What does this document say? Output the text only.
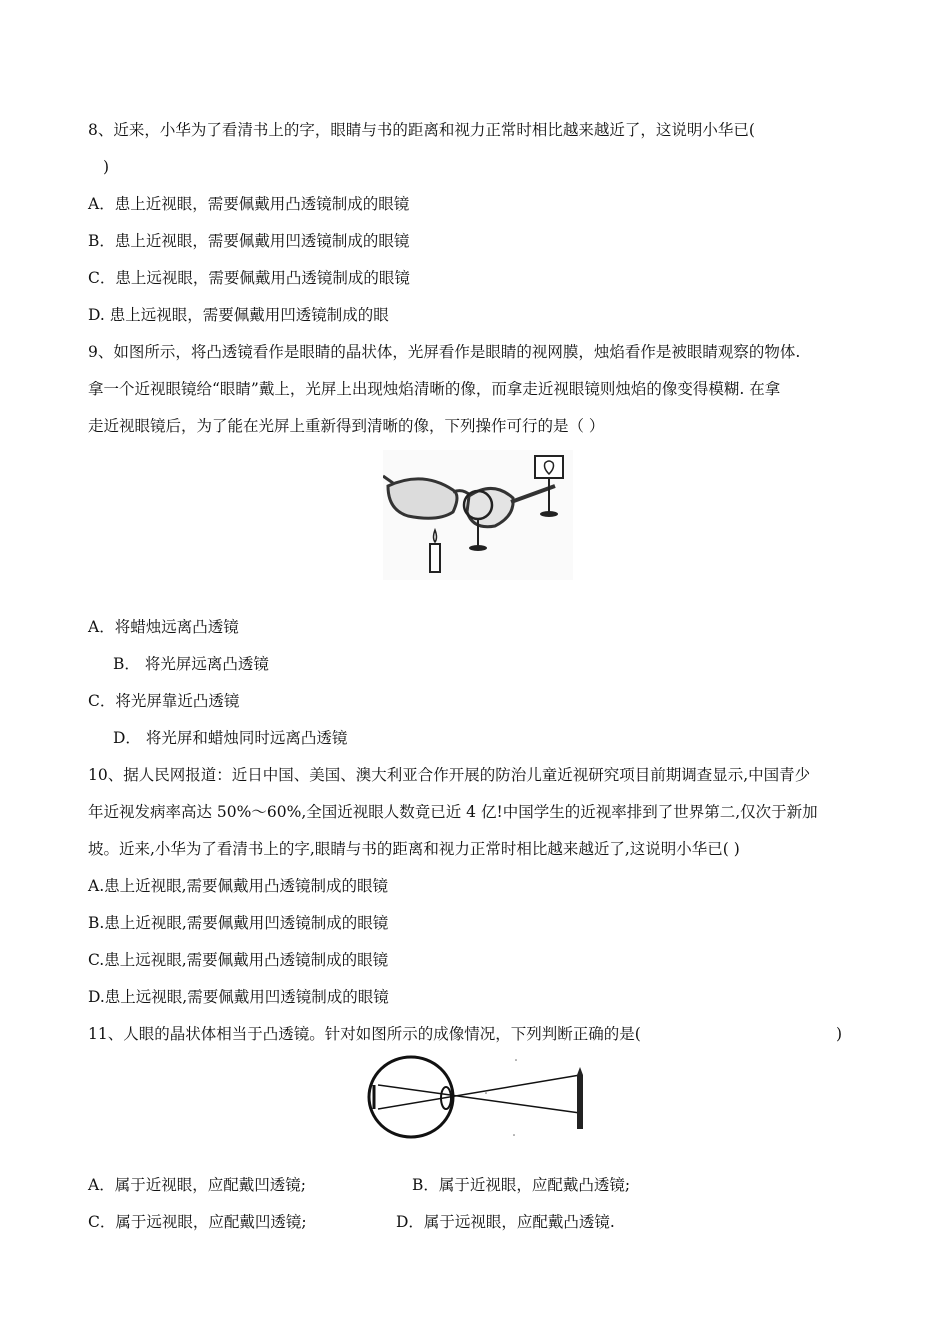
8、近来，小华为了看清书上的字，眼睛与书的距离和视力正常时相比越来越近了，这说明小华已(
)
A．患上近视眼，需要佩戴用凸透镜制成的眼镜
B．患上近视眼，需要佩戴用凹透镜制成的眼镜
C．患上远视眼，需要佩戴用凸透镜制成的眼镜
D. 患上远视眼，需要佩戴用凹透镜制成的眼
9、如图所示，将凸透镜看作是眼睛的晶状体，光屏看作是眼睛的视网膜，烛焰看作是被眼睛观察的物体.
拿一个近视眼镜给“眼睛”戴上，光屏上出现烛焰清晰的像，而拿走近视眼镜则烛焰的像变得模糊. 在拿
走近视眼镜后，为了能在光屏上重新得到清晰的像，下列操作可行的是（ ）
A．将蜡烛远离凸透镜
B． 将光屏远离凸透镜
C．将光屏靠近凸透镜
D． 将光屏和蜡烛同时远离凸透镜
10、据人民网报道：近日中国、美国、澳大利亚合作开展的防治儿童近视研究项目前期调查显示,中国青少
年近视发病率高达 50%～60%,全国近视眼人数竟已近 4 亿!中国学生的近视率排到了世界第二,仅次于新加
坡。近来,小华为了看清书上的字,眼睛与书的距离和视力正常时相比越来越近了,这说明小华已( )
A.患上近视眼,需要佩戴用凸透镜制成的眼镜
B.患上近视眼,需要佩戴用凹透镜制成的眼镜
C.患上远视眼,需要佩戴用凸透镜制成的眼镜
D.患上远视眼,需要佩戴用凹透镜制成的眼镜
11、人眼的晶状体相当于凸透镜。针对如图所示的成像情况，下列判断正确的是(	)
A．属于近视眼，应配戴凹透镜;	B．属于近视眼，应配戴凸透镜;
C．属于远视眼，应配戴凹透镜;	D．属于远视眼，应配戴凸透镜.
